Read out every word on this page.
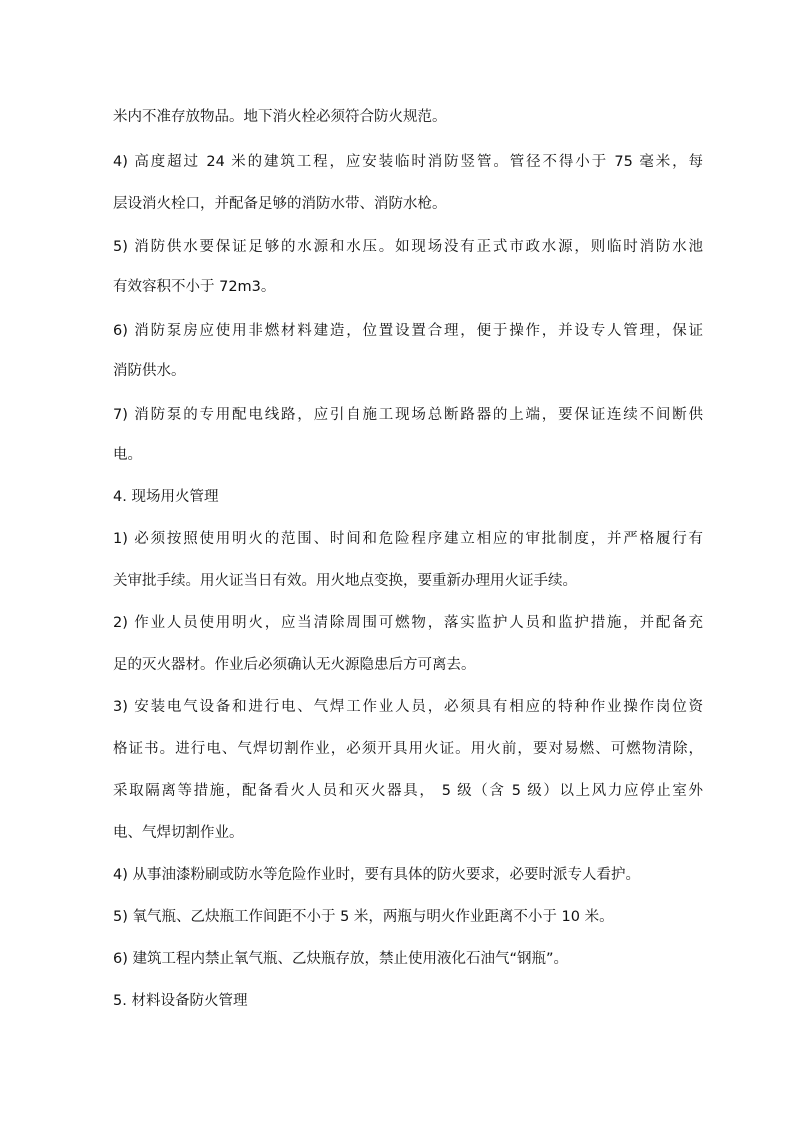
米内不准存放物品。地下消火栓必须符合防火规范。
4) 高度超过 24 米的建筑工程，应安装临时消防竖管。管径不得小于 75 毫米，每
层设消火栓口，并配备足够的消防水带、消防水枪。
5) 消防供水要保证足够的水源和水压。如现场没有正式市政水源，则临时消防水池
有效容积不小于 72m3。
6) 消防泵房应使用非燃材料建造，位置设置合理，便于操作，并设专人管理，保证
消防供水。
7) 消防泵的专用配电线路，应引自施工现场总断路器的上端，要保证连续不间断供
电。
4. 现场用火管理
1) 必须按照使用明火的范围、时间和危险程序建立相应的审批制度，并严格履行有
关审批手续。用火证当日有效。用火地点变换，要重新办理用火证手续。
2) 作业人员使用明火，应当清除周围可燃物，落实监护人员和监护措施，并配备充
足的灭火器材。作业后必须确认无火源隐患后方可离去。
3) 安装电气设备和进行电、气焊工作业人员，必须具有相应的特种作业操作岗位资
格证书。进行电、气焊切割作业，必须开具用火证。用火前，要对易燃、可燃物清除，
采取隔离等措施，配备看火人员和灭火器具， 5 级（含 5 级）以上风力应停止室外
电、气焊切割作业。
4) 从事油漆粉刷或防水等危险作业时，要有具体的防火要求，必要时派专人看护。
5) 氧气瓶、乙炔瓶工作间距不小于 5 米，两瓶与明火作业距离不小于 10 米。
6) 建筑工程内禁止氧气瓶、乙炔瓶存放，禁止使用液化石油气“钢瓶”。
5. 材料设备防火管理
